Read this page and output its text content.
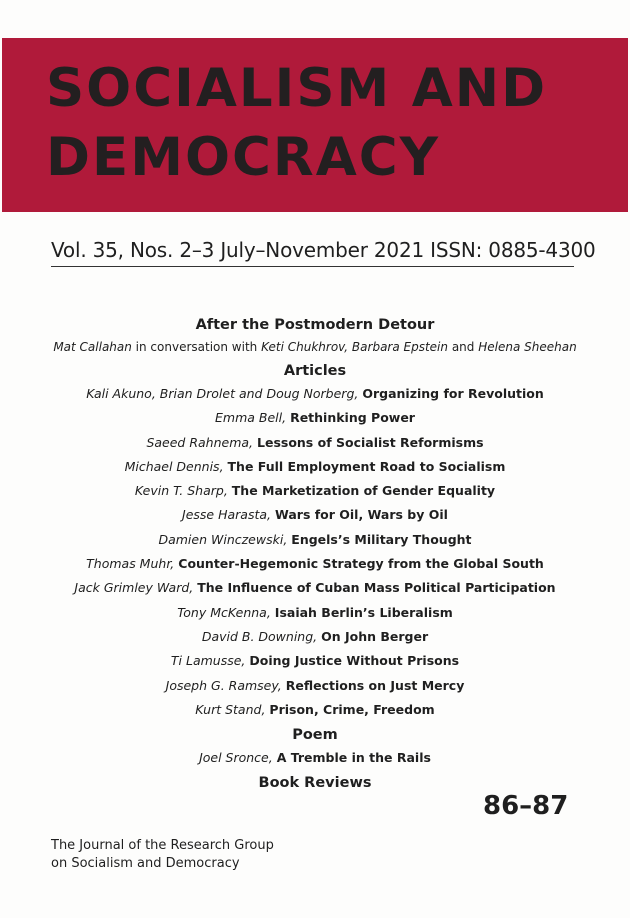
SOCIALISM AND
DEMOCRACY
Vol. 35, Nos. 2–3 July–November 2021 ISSN: 0885-4300
After the Postmodern Detour
Mat Callahan in conversation with Keti Chukhrov, Barbara Epstein and Helena Sheehan
Articles
Kali Akuno, Brian Drolet and Doug Norberg, Organizing for Revolution
Emma Bell, Rethinking Power
Saeed Rahnema, Lessons of Socialist Reformisms
Michael Dennis, The Full Employment Road to Socialism
Kevin T. Sharp, The Marketization of Gender Equality
Jesse Harasta, Wars for Oil, Wars by Oil
Damien Winczewski, Engels’s Military Thought
Thomas Muhr, Counter-Hegemonic Strategy from the Global South
Jack Grimley Ward, The Influence of Cuban Mass Political Participation
Tony McKenna, Isaiah Berlin’s Liberalism
David B. Downing, On John Berger
Ti Lamusse, Doing Justice Without Prisons
Joseph G. Ramsey, Reflections on Just Mercy
Kurt Stand, Prison, Crime, Freedom
Poem
Joel Sronce, A Tremble in the Rails
Book Reviews
86–87
The Journal of the Research Group
on Socialism and Democracy
